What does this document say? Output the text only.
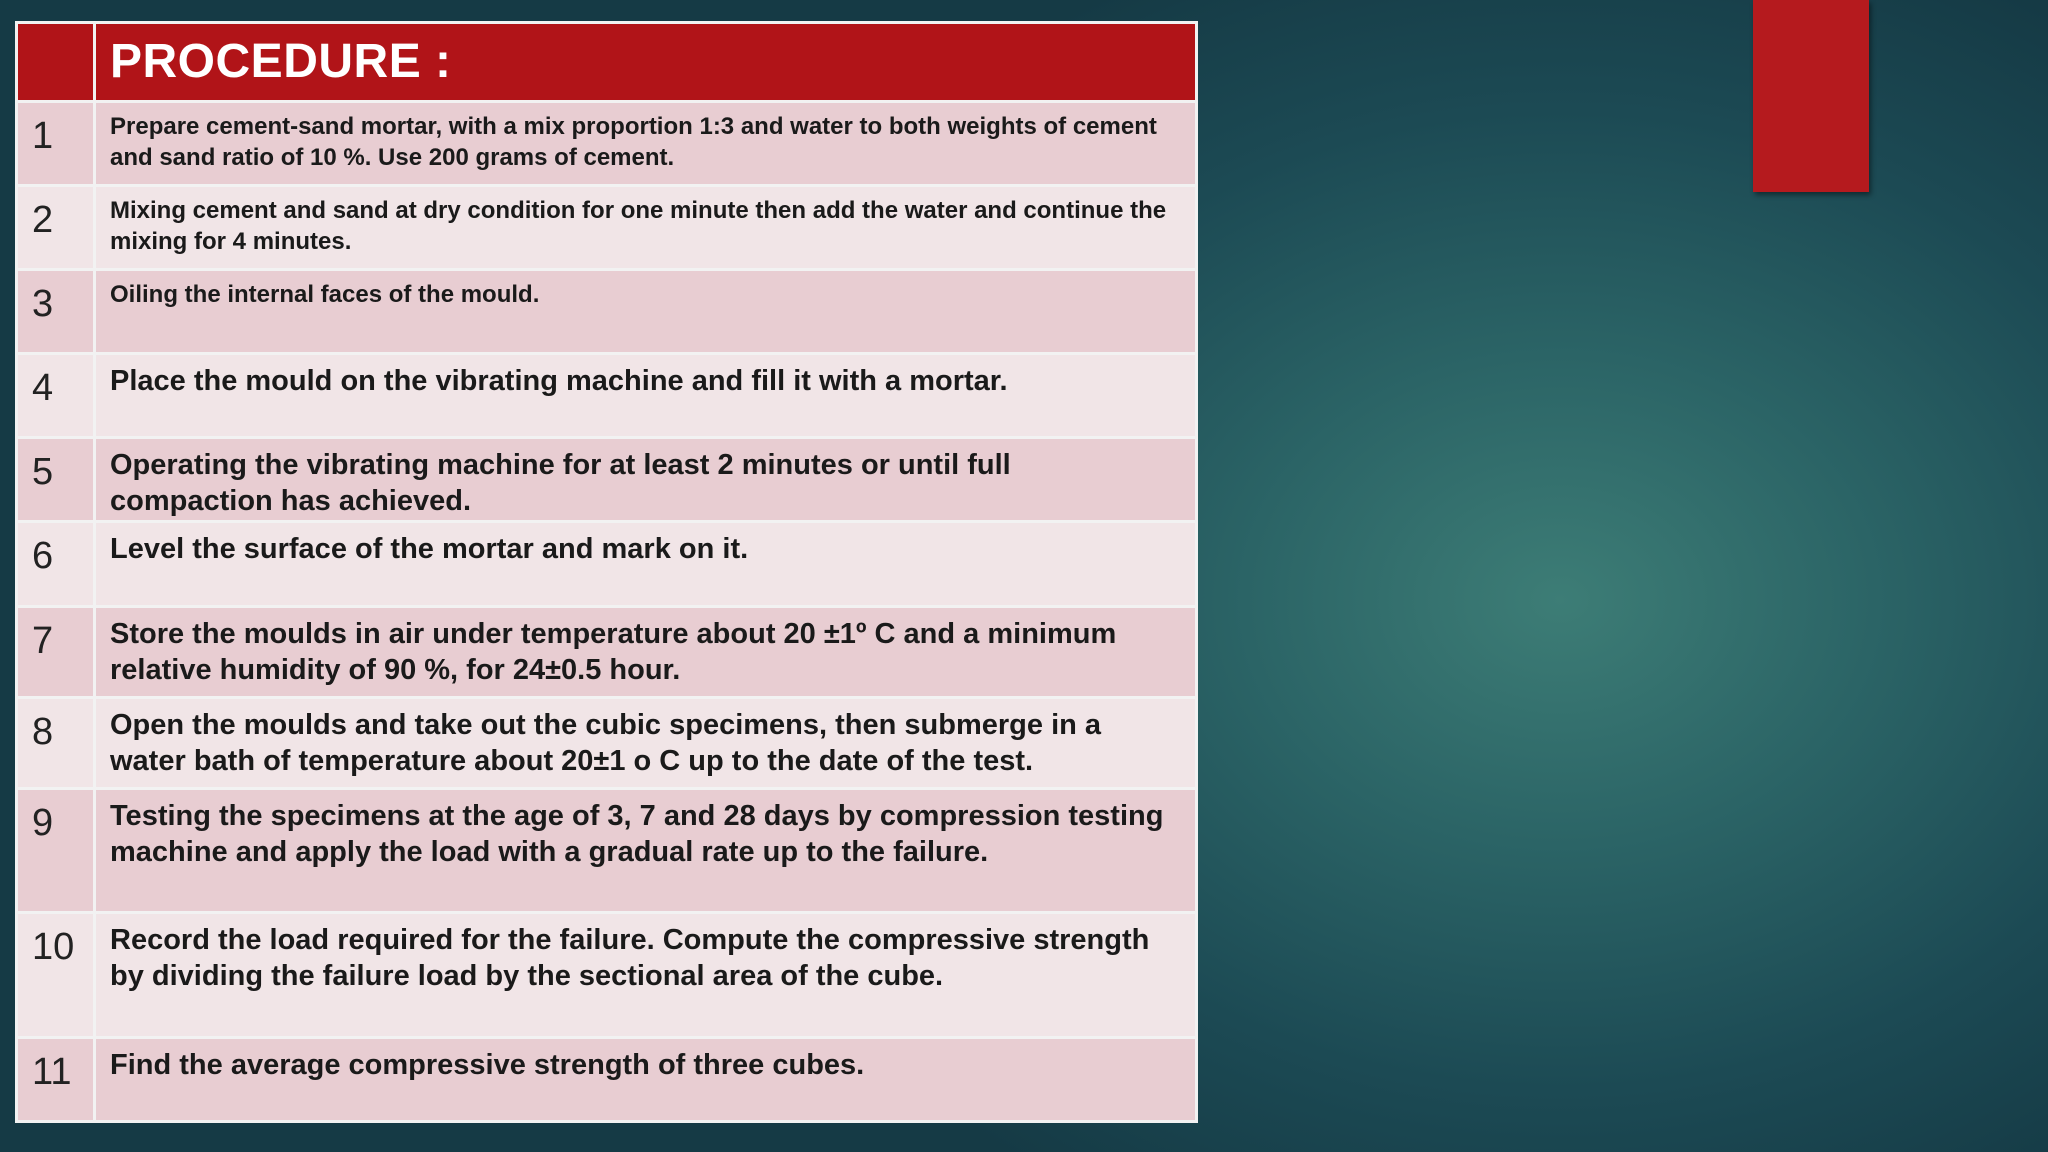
	PROCEDURE :

1	Prepare cement-sand mortar, with a mix proportion 1:3 and water to both weights of cement and sand ratio of 10 %. Use 200 grams of cement.

2	Mixing cement and sand at dry condition for one minute then add the water and continue the mixing for 4 minutes.

3	Oiling the internal faces of the mould.

4	Place the mould on the vibrating machine and fill it with a mortar.

5	Operating the vibrating machine for at least 2 minutes or until full compaction has achieved.

6	Level the surface of the mortar and mark on it.

7	Store the moulds in air under temperature about 20 ±1º C and a minimum relative humidity of 90 %, for 24±0.5 hour.

8	Open the moulds and take out the cubic specimens, then submerge in a water bath of temperature about 20±1 o C up to the date of the test.

9	Testing the specimens at the age of 3, 7 and 28 days by compression testing machine and apply the load with a gradual rate up to the failure.

10	Record the load required for the failure. Compute the compressive strength by dividing the failure load by the sectional area of the cube.

11	Find the average compressive strength of three cubes.
